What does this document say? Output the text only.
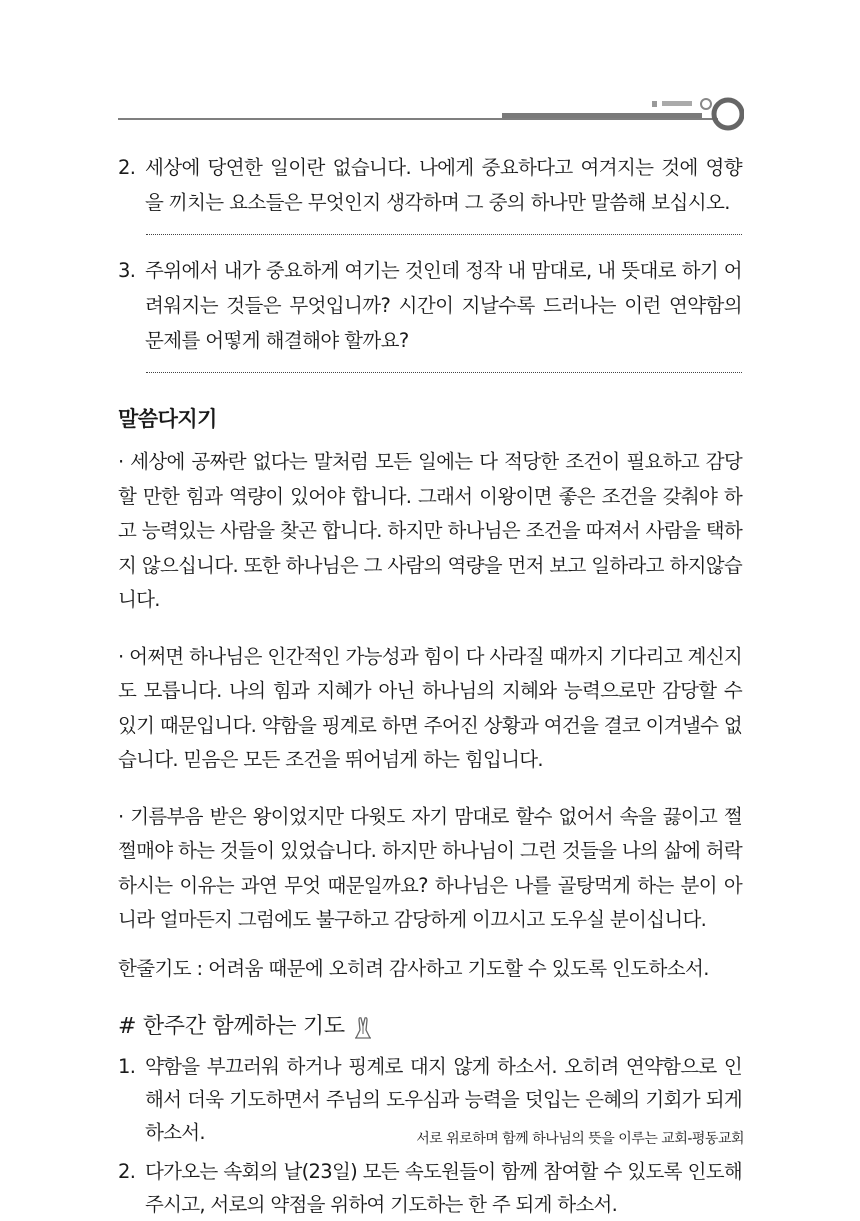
2. 세상에 당연한 일이란 없습니다. 나에게 중요하다고 여겨지는 것에 영향을 끼치는 요소들은 무엇인지 생각하며 그 중의 하나만 말씀해 보십시오.
3. 주위에서 내가 중요하게 여기는 것인데 정작 내 맘대로, 내 뜻대로 하기 어려워지는 것들은 무엇입니까? 시간이 지날수록 드러나는 이런 연약함의 문제를 어떻게 해결해야 할까요?
말씀다지기
· 세상에 공짜란 없다는 말처럼 모든 일에는 다 적당한 조건이 필요하고 감당할 만한 힘과 역량이 있어야 합니다. 그래서 이왕이면 좋은 조건을 갖춰야 하고 능력있는 사람을 찾곤 합니다. 하지만 하나님은 조건을 따져서 사람을 택하지 않으십니다. 또한 하나님은 그 사람의 역량을 먼저 보고 일하라고 하지않습니다.
· 어쩌면 하나님은 인간적인 가능성과 힘이 다 사라질 때까지 기다리고 계신지도 모릅니다. 나의 힘과 지혜가 아닌 하나님의 지혜와 능력으로만 감당할 수 있기 때문입니다. 약함을 핑계로 하면 주어진 상황과 여건을 결코 이겨낼수 없습니다. 믿음은 모든 조건을 뛰어넘게 하는 힘입니다.
· 기름부음 받은 왕이었지만 다윗도 자기 맘대로 할수 없어서 속을 끓이고 쩔쩔매야 하는 것들이 있었습니다. 하지만 하나님이 그런 것들을 나의 삶에 허락하시는 이유는 과연 무엇 때문일까요? 하나님은 나를 골탕먹게 하는 분이 아니라 얼마든지 그럼에도 불구하고 감당하게 이끄시고 도우실 분이십니다.
한줄기도 : 어려움 때문에 오히려 감사하고 기도할 수 있도록 인도하소서.
# 한주간 함께하는 기도
1. 약함을 부끄러워 하거나 핑계로 대지 않게 하소서. 오히려 연약함으로 인해서 더욱 기도하면서 주님의 도우심과 능력을 덧입는 은혜의 기회가 되게 하소서.
2. 다가오는 속회의 날(23일) 모든 속도원들이 함께 참여할 수 있도록 인도해 주시고, 서로의 약점을 위하여 기도하는 한 주 되게 하소서.
서로 위로하며 함께 하나님의 뜻을 이루는 교회-평동교회
